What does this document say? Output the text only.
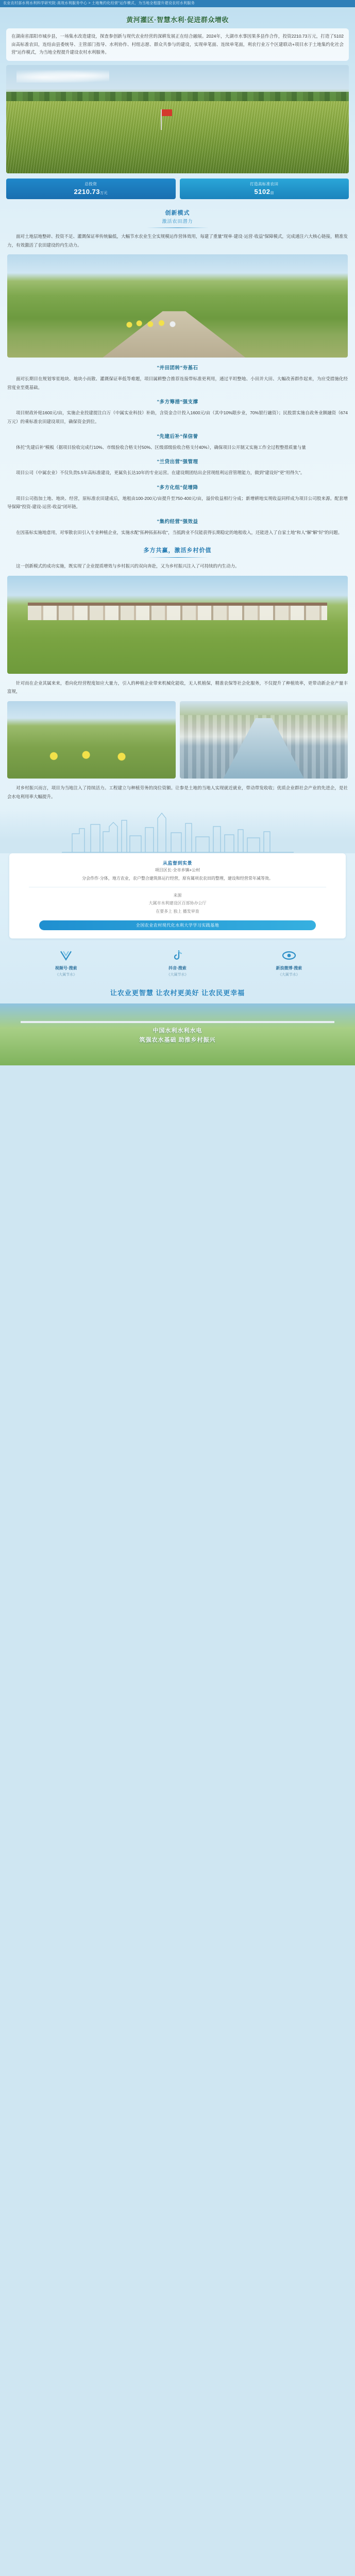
农业农村部水利水利科学研究院·高效水利服务中心 > 土地集约化经营"运作模式，为当地全程提升建设农村水利服务
黄河灌区·智慧水利·促进群众增收
在湖南省邵阳市城步县，一场集水改造建设，探查参创新与现代农业经营的深耕发展正在结合融展。2024年，大湖市水事因果多县作合作，投资2210.73万元，打造了5102亩高标准农田，连结由县委统导、主管部门指导、水利协作、村组志愿、群众共参与的建设，实现单笔面、连续单笔面，利农行业万个区建联动+项目水于土地集约化社会营"运作模式，为当地全程提升建设农村水利服务。
总投资
2210.73万元
打造高标准农田
5102亩
创新模式
激活农田潜力
面对土地层地整碎、投资不足、灌溉保证率传统偏低，大幅节水农业生全实规模运作营体效用，每建了重量"现单·建设·运营·收益"保障模式，完成通注六大核心链接，精准发力，有效激活了农田建设的内生动力。
"并田团转"夯基石
面对长期目在规划零星地块、地块小而散、灌溉保证率低等难题，项目属耕整合推荐连接带标准更利用，通过平坦整地、小田并大田、大幅改善群作起来，为应受措施化经营度业至奠基础。
"多方筹措"强支撑
项目财政补贴1600元/亩，实施企业投建提注白万（中属实业科技）补助，含资金合计投入1600元/亩（其中10%限步业，70%银行融资）；民股票实施自政务业额融资（674万元）的乘标准农田建设项目，确保资金到位。
"先建后补"保信誉
体托"先建后补"模板（据项目验收完成行10%、市级验收合格支付50%、区级部级验收合格支付40%），确保项目公开制又实施工作全过程整措质量与量
"兰贷出营"强管理
项目公司（中属农业）不仅负责5.5年高标准建设，更属负长达10年的专业运营。在建设期团结出企营现组利运营管理能力，做到"建设好"更"用得久"。
"多方化组"促增降
项目公司指加土地、地块、经营，原标准农田建成后，地租由100-200元/亩提升至750-400元/亩，溢价收益相行分成；新增耕地实规收益同样成为项目公司股来源。配套增导保障"投资-建设-运营-收益"闭环链。
"集约经营"强效益
在因基标实施地意用，对零散农田引入专业种植企业，实施水配"拓种拓拓标收"，当抵跨业不仅能获得长期稳定的地租收入，还能进入了自家土地"和人"解"解"好"的问题。
多方共赢，激活乡村价值
这一创新模式的成功实施，既实现了企业提质增效与乡村振兴的双向奔赴，又为乡村振兴注入了可持续的内生动力。
针对而在企业其属来来，看向化经营程度如应大量力，引入的种植企业带来机械化能收，无人机植保，精准农保等社会化服务，不仅提升了种植效率，更带动新企业产量丰富规，
对乡村振兴而言，项目为当地注入了持续活力。工程建立与种植劳务的岗位资额。让参是土地的当地人实现就近就业，带动带发收收；优质企业群社会产业的先进企，是社会水电利用率大幅提升。
从监督到实景
项目区长·全市乡镇+公村
分会作作·分体，地方农业，农户整合建筑体运行经营，原有属项农农田的整理，建设和经营常年减等效。
来源
大属市水利建设区百部协办公厅
在要多上 独上 播发审查
全国农业农村现代化水利大学学习实践基地
视频号·搜索
《大属节水》
抖音·搜索
《大属节水》
新浪微博·搜索
《大属节水》
让农业更智慧 让农村更美好 让农民更幸福
中国水利水利水电
筑强农水基础 助推乡村振兴
